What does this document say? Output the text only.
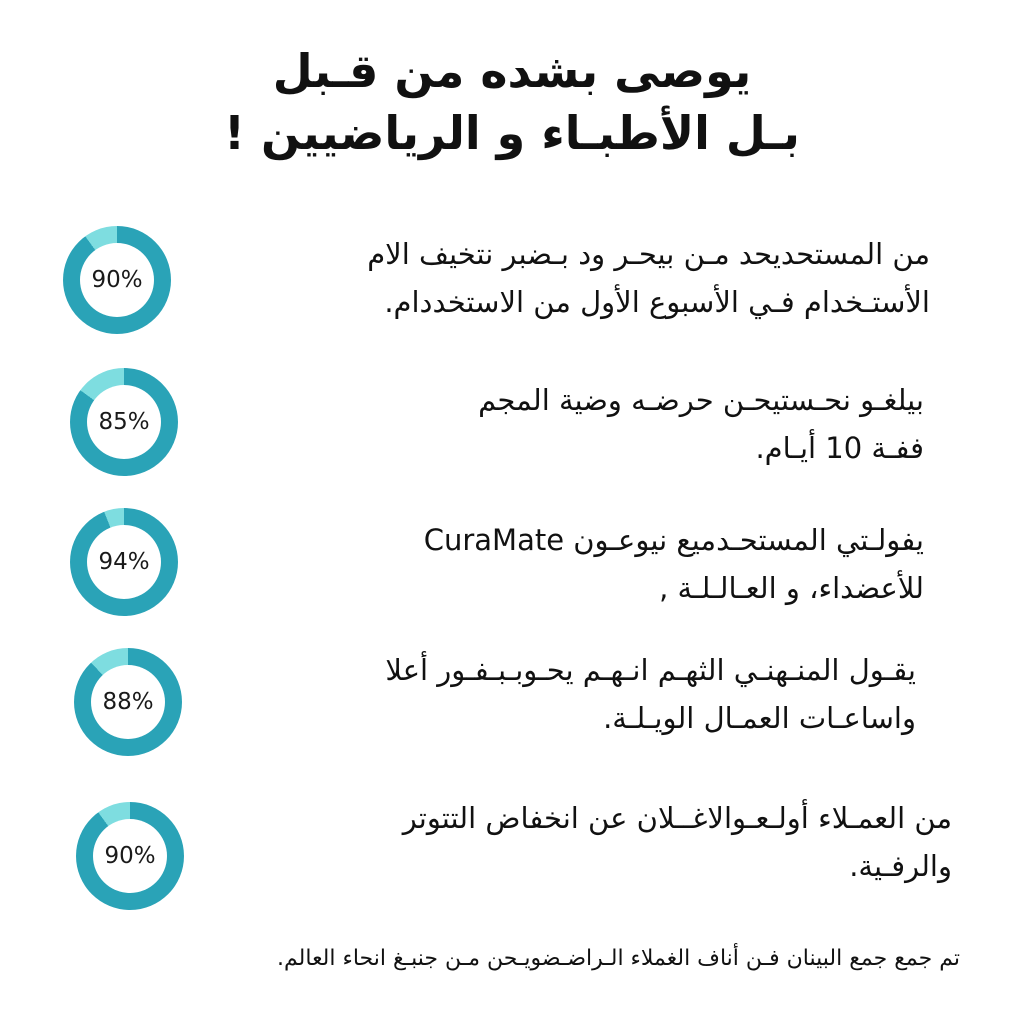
يوصى بشده من قـبل
بـل الأطبـاء و الرياضيين !
90%
من المستحديحد مـن بيحـر ود بـضبر نتخيف الام
الأستـخدام فـي الأسبوع الأول من الاستخددام.
85%
بيلغـو نحـستيحـن حرضـه وضية المجم
ففـة 10 أيـام.
94%
يفولـتي المستحـدميع نيوعـون CuraMate
للأعضداء، و العـالـلـة ,
88%
يقـول المنـهنـي الثهـم انـهـم يحـوبـبـفـور أعلا
واساعـات العمـال الويـلـة.
90%
من العمـلاء أولـعـوالاغــلان عن انخفاض التتوتر
والرفـية.
تم جمع جمع البينان فـن أناف الغملاء الـراضـضويـحن مـن جنبـغ انحاء العالم.
